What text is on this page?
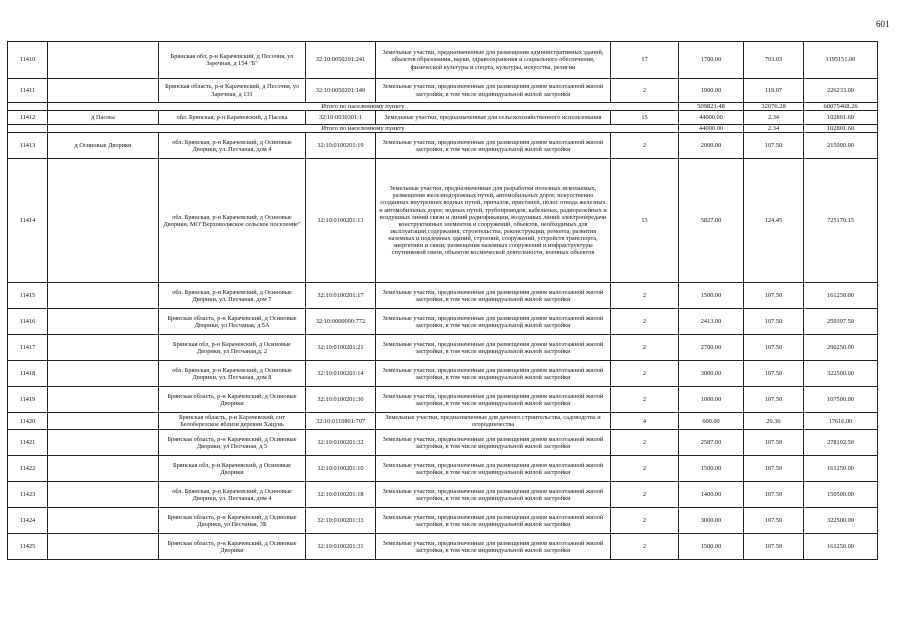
601
11410		Брянская обл, р-н Карачевский, д Песочня, ул Заречная, д 154 "Б"	32:10:0050201:241	Земельные участки, предназначенные для размещения административных зданий, объектов образования, науки, здравоохранения и социального обеспечения, физической культуры и спорта, культуры, искусства, религии	17	1700.00	703.03	1195151.00
11411		Брянская область, р-н Карачевский, д Песочня, ул Заречная, д 131	32:10:0050201:149	Земельные участки, предназначенные для размещения домов малоэтажной жилой застройки, в том числе индивидуальной жилой застройки	2	1900.00	119.07	226233.00
	Итого по населенному пункту					509821.48	32076.28	60075468.26
11412	д Пасека	обл. Брянская, р-н Карачевский, д Пасека	32:10:0030301:1	Земельные участки, предназначенные для сельскохозяйственного использования	15	44000.00	2.34	102801.60
	Итого по населенному пункту					44000.00	2.34	102801.60
11413	д Осиновые Дворики	обл. Брянская, р-н Карачевский, д Осиновые Дворики, ул. Песчаная, дом 4	32:10:0100201:19	Земельные участки, предназначенные для размещения домов малоэтажной жилой застройки, в том числе индивидуальной жилой застройки	2	2000.00	107.50	215000.00
11414		обл. Брянская, р-н Карачевский, д Осиновые Дворики, МО"Верховолжское сельское поселение"	32:10:0100201:13	Земельные участки, предназначенные для разработки полезных ископаемых, размещения железнодорожных путей, автомобильных дорог, искусственно созданных внутренних водных путей, причалов, пристаней, полос отвода железных и автомобильных дорог, водных путей, трубопроводов, кабельных, радиорелейных и воздушных линий связи и линий радиофикации, воздушных линий электропередачи конструктивных элементов и сооружений, объектов, необходимых для эксплуатации,содержания, строительства, реконструкции, ремонта, развития наземных и подземных зданий, строений, сооружений, устройств транспорта, энергетики и связи; размещения наземных сооружений и инфраструктуры спутниковой связи, объектов космической деятельности, военных объектов	13	5827.00	124.45	725170.15
11415		обл. Брянская, р-н Карачевский, д Осиновые Дворики, ул. Песчаная, дом 7	32:10:0100201:17	Земельные участки, предназначенные для размещения домов малоэтажной жилой застройки, в том числе индивидуальной жилой застройки	2	1500.00	107.50	161250.00
11416		Брянская область, р-н Карачевский, д Осиновые Дворики, ул Песчаная, д 5А	32:10:0000000:772	Земельные участки, предназначенные для размещения домов малоэтажной жилой застройки, в том числе индивидуальной жилой застройки	2	2413.00	107.50	259397.50
11417		Брянская обл, р-н Карачевский, д Осиновые Дворики, ул Песчаная,д. 2	32:10:0100201:21	Земельные участки, предназначенные для размещения домов малоэтажной жилой застройки, в том числе индивидуальной жилой застройки	2	2700.00	107.50	290250.00
11418		обл. Брянская, р-н Карачевский, д Осиновые Дворики, ул. Песчаная, дом 8	32:10:0100201:14	Земельные участки, предназначенные для размещения домов малоэтажной жилой застройки, в том числе индивидуальной жилой застройки	2	3000.00	107.50	322500.00
11419		Брянская область, р-н Карачевский, д Осиновые Дворики	32:10:0100201:30	Земельные участки, предназначенные для размещения домов малоэтажной жилой застройки, в том числе индивидуальной жилой застройки	2	1000.00	107.50	107500.00
11420		Брянская область, р-н Карачевский, снт Белоберезское вблизи деревни Хацунь	32:10:0110801:707	Земельные участки, предназначенные для дачного строительства, садоводства и огородничества	4	600.00	29.36	17616.00
11421		Брянская область, р-н Карачевский, д Осиновые Дворики, ул Песчаная, д 5	32:10:0100201:32	Земельные участки, предназначенные для размещения домов малоэтажной жилой застройки, в том числе индивидуальной жилой застройки	2	2587.00	107.50	278102.50
11422		Брянская обл, р-н Карачевский, д Осиновые Дворики	32:10:0100201:10	Земельные участки, предназначенные для размещения домов малоэтажной жилой застройки, в том числе индивидуальной жилой застройки	2	1500.00	107.50	161250.00
11423		обл. Брянская, р-н Карачевский, д Осиновые Дворики, ул. Песчаная, дом 4	32:10:0100201:18	Земельные участки, предназначенные для размещения домов малоэтажной жилой застройки, в том числе индивидуальной жилой застройки	2	1400.00	107.50	150500.00
11424		Брянская область, р-н Карачевский, д Осиновые Дворики, ул Песчаная, 3Б	32:10:0100201:33	Земельные участки, предназначенные для размещения домов малоэтажной жилой застройки, в том числе индивидуальной жилой застройки	2	3000.00	107.50	322500.00
11425		Брянская область, р-н Карачевский, д Осиновые Дворики	32:10:0100201:31	Земельные участки, предназначенные для размещения домов малоэтажной жилой застройки, в том числе индивидуальной жилой застройки	2	1500.00	107.50	161250.00
